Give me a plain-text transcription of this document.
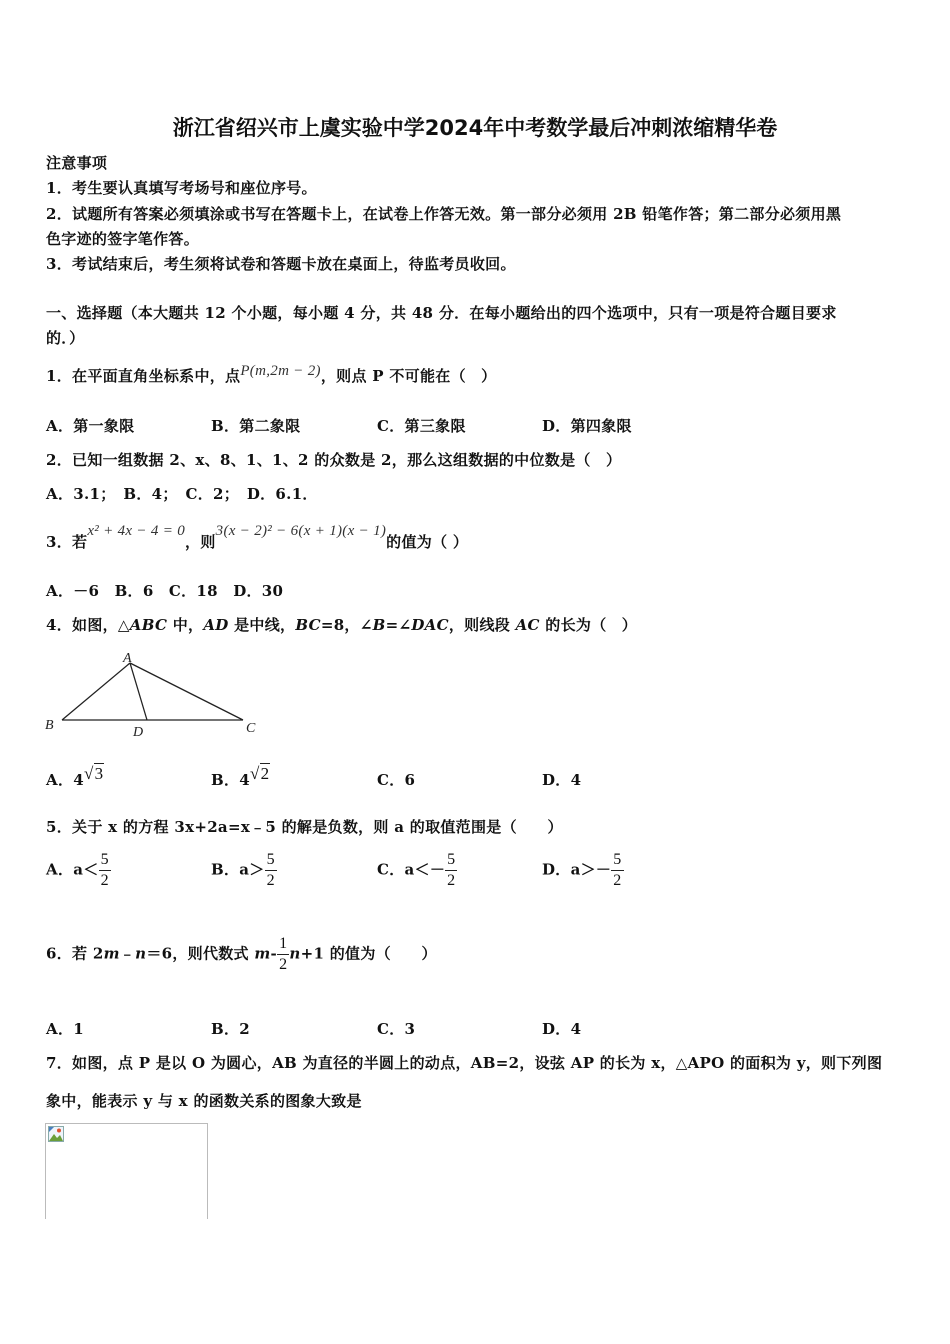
浙江省绍兴市上虞实验中学2024年中考数学最后冲刺浓缩精华卷
注意事项
1．考生要认真填写考场号和座位序号。
2．试题所有答案必须填涂或书写在答题卡上，在试卷上作答无效。第一部分必须用 2B 铅笔作答；第二部分必须用黑
色字迹的签字笔作答。
3．考试结束后，考生须将试卷和答题卡放在桌面上，待监考员收回。
一、选择题（本大题共 12 个小题，每小题 4 分，共 48 分．在每小题给出的四个选项中，只有一项是符合题目要求
的．）
1．在平面直角坐标系中，点P(m,2m − 2)，则点 P 不可能在（　）
A．第一象限	B．第二象限	C．第三象限	D．第四象限
2．已知一组数据 2、x、8、1、1、2 的众数是 2，那么这组数据的中位数是（　）
A．3.1；　B．4；　C．2；　D．6.1．
3．若x² + 4x − 4 = 0，则3(x − 2)² − 6(x + 1)(x − 1)的值为（ ）
A．－6　B．6　C．18　D．30
4．如图，△ABC 中，AD 是中线，BC=8，∠B=∠DAC，则线段 AC 的长为（　）
A
B	D	C
A．4√3	B．4√2	C．6	D．4
5．关于 x 的方程 3x+2a=x﹣5 的解是负数，则 a 的取值范围是（　　）
A．$a< \frac{5}{2}$	B．$a> \frac{5}{2}$	C．$a<- \frac{5}{2}$	D．$a>- \frac{5}{2}$
6．若 2m﹣n＝6，则代数式 $m- \frac{1}{2} n+1$ 的值为（　　）
A．1	B．2	C．3	D．4
7．如图，点 P 是以 O 为圆心，AB 为直径的半圆上的动点，AB=2，设弦 AP 的长为 x，△APO 的面积为 y，则下列图
象中，能表示 y 与 x 的函数关系的图象大致是
